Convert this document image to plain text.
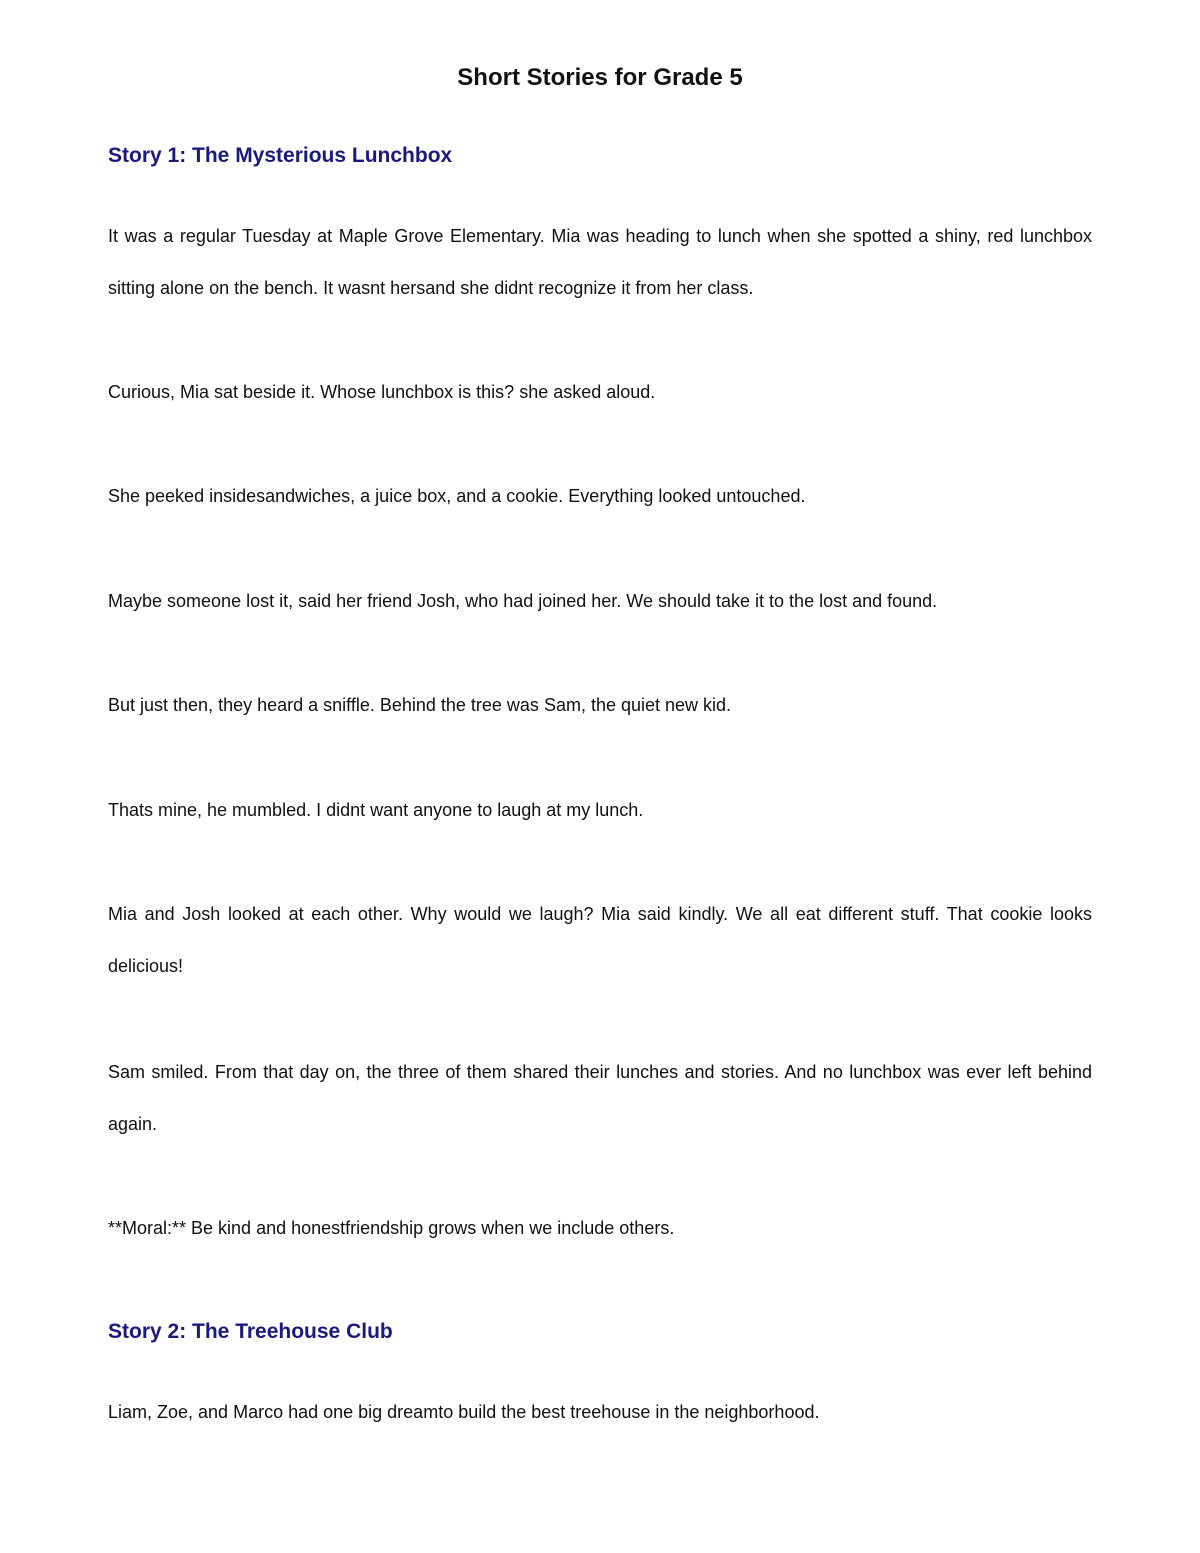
Short Stories for Grade 5
Story 1: The Mysterious Lunchbox

It was a regular Tuesday at Maple Grove Elementary. Mia was heading to lunch when she spotted a shiny, red lunchbox sitting alone on the bench. It wasnt hersand she didnt recognize it from her class.

Curious, Mia sat beside it. Whose lunchbox is this? she asked aloud.

She peeked insidesandwiches, a juice box, and a cookie. Everything looked untouched.

Maybe someone lost it, said her friend Josh, who had joined her. We should take it to the lost and found.

But just then, they heard a sniffle. Behind the tree was Sam, the quiet new kid.

Thats mine, he mumbled. I didnt want anyone to laugh at my lunch.

Mia and Josh looked at each other. Why would we laugh? Mia said kindly. We all eat different stuff. That cookie looks delicious!

Sam smiled. From that day on, the three of them shared their lunches and stories. And no lunchbox was ever left behind again.

**Moral:** Be kind and honestfriendship grows when we include others.

Story 2: The Treehouse Club

Liam, Zoe, and Marco had one big dreamto build the best treehouse in the neighborhood.
